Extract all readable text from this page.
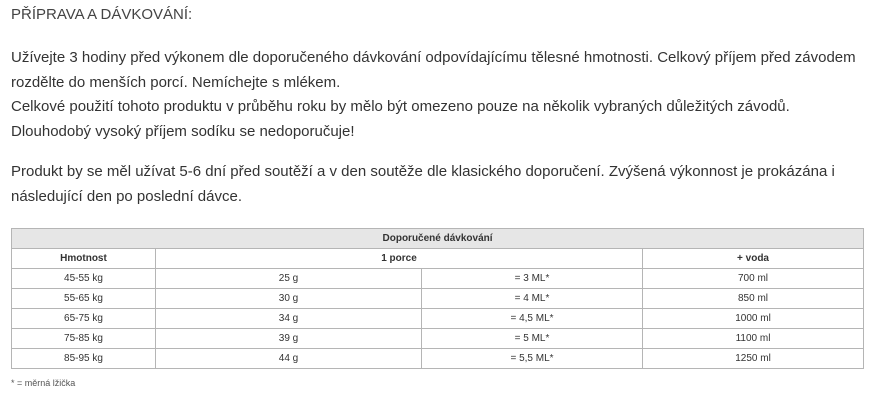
PŘÍPRAVA A DÁVKOVÁNÍ:
Užívejte 3 hodiny před výkonem dle doporučeného dávkování odpovídajícímu tělesné hmotnosti. Celkový příjem před závodem
rozdělte do menších porcí. Nemíchejte s mlékem.
Celkové použití tohoto produktu v průběhu roku by mělo být omezeno pouze na několik vybraných důležitých závodů.
Dlouhodobý vysoký příjem sodíku se nedoporučuje!
Produkt by se měl užívat 5-6 dní před soutěží a v den soutěže dle klasického doporučení. Zvýšená výkonnost je prokázána i
následující den po poslední dávce.
Doporučené dávkování			
Hmotnost	1 porce		+ voda
45-55 kg	25 g	= 3 ML*	700 ml
55-65 kg	30 g	= 4 ML*	850 ml
65-75 kg	34 g	= 4,5 ML*	1000 ml
75-85 kg	39 g	= 5 ML*	1100 ml
85-95 kg	44 g	= 5,5 ML*	1250 ml
* = měrná lžička
